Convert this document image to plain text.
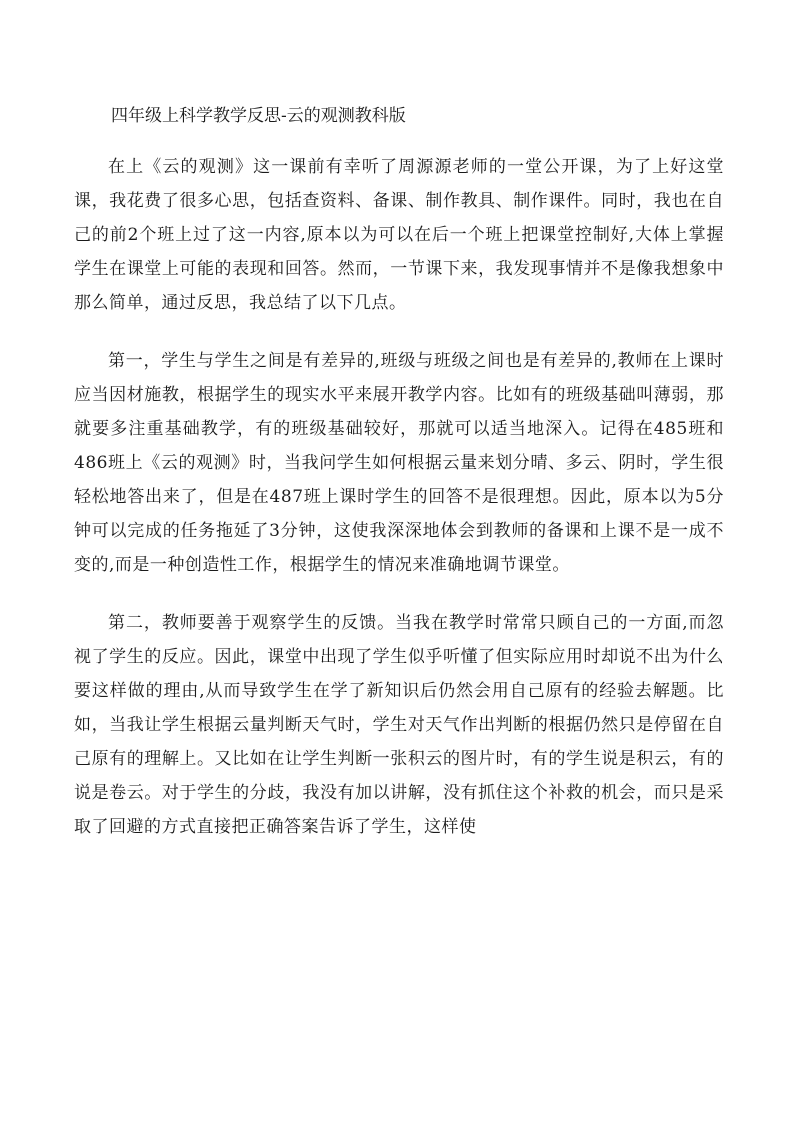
四年级上科学教学反思-云的观测教科版

在上《云的观测》这一课前有幸听了周源源老师的一堂公开课，为了上好这堂课，我花费了很多心思，包括查资料、备课、制作教具、制作课件。同时，我也在自己的前2个班上过了这一内容,原本以为可以在后一个班上把课堂控制好,大体上掌握学生在课堂上可能的表现和回答。然而，一节课下来，我发现事情并不是像我想象中那么简单，通过反思，我总结了以下几点。

第一，学生与学生之间是有差异的,班级与班级之间也是有差异的,教师在上课时应当因材施教，根据学生的现实水平来展开教学内容。比如有的班级基础叫薄弱，那就要多注重基础教学，有的班级基础较好，那就可以适当地深入。记得在485班和486班上《云的观测》时，当我问学生如何根据云量来划分晴、多云、阴时，学生很轻松地答出来了，但是在487班上课时学生的回答不是很理想。因此，原本以为5分钟可以完成的任务拖延了3分钟，这使我深深地体会到教师的备课和上课不是一成不变的,而是一种创造性工作，根据学生的情况来准确地调节课堂。

第二，教师要善于观察学生的反馈。当我在教学时常常只顾自己的一方面,而忽视了学生的反应。因此，课堂中出现了学生似乎听懂了但实际应用时却说不出为什么要这样做的理由,从而导致学生在学了新知识后仍然会用自己原有的经验去解题。比如，当我让学生根据云量判断天气时，学生对天气作出判断的根据仍然只是停留在自己原有的理解上。又比如在让学生判断一张积云的图片时，有的学生说是积云，有的说是卷云。对于学生的分歧，我没有加以讲解，没有抓住这个补救的机会，而只是采取了回避的方式直接把正确答案告诉了学生，这样使
